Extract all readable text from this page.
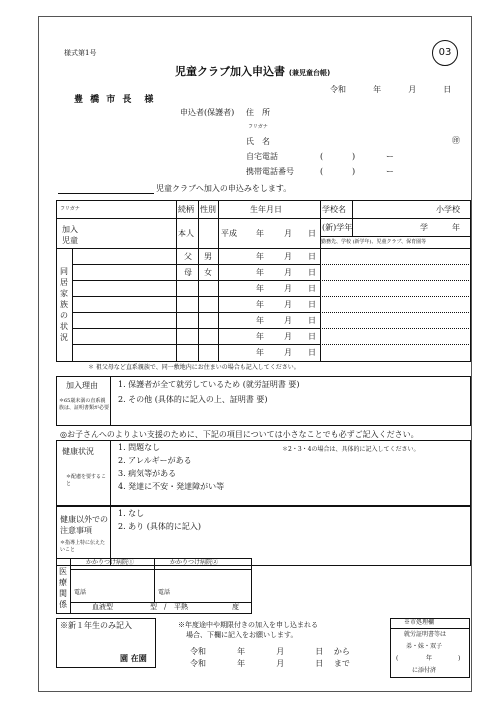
様式第1号	03
児童クラブ加入申込書 (兼児童台帳)
令和	年	月	日
豊 橋 市 長　様
申込者(保護者) 住　所
フリガナ
氏　名	㊞
自宅電話	(	)	ー
携帯電話番号	(	)	ー
児童クラブへ加入の申込みをします。
フリガナ	続柄 性別	生年月日	学校名	小学校
加入
児童
本人	平成 年	月 日
(新)学年	学	年
勤務先、学校 (新学年)、児童クラブ、保育園等
同居家族の状況
父 男	年	月 日
母 女	年	月 日
年	月 日
年	月 日
年	月 日
年	月 日
年	月 日
＊ 祖父母など直系親族で、同一敷地内にお住まいの場合も記入してください。
加入理由
＊65歳未満の直系親族は、証明書類が必要
1. 保護者が全て就労しているため (就労証明書 要)
2. その他 (具体的に記入の上、証明書 要)
◎お子さんへのよりよい支援のために、下記の項目については小さなことでも必ずご記入ください。
健康状況
＊配慮を要すること
1. 問題なし
2. アレルギーがある
3. 病気等がある
4. 発達に不安・発達障がい等
＊2・3・4の場合は、具体的に記入してください。
健康以外での注意事項
＊指導上特に伝えたいこと
1. なし
2. あり (具体的に記入)
医療関係
かかりつけ病院①	かかりつけ病院②
電話	電話
血液型	型 / 平熱	度
※新１年生のみ記入
園 在園
※年度途中や期限付きの加入を申し込まれる
場合、下欄に記入をお願いします。
令和	年	月	日 から
令和	年	月	日 まで
※市処理欄
就労証明書等は
弟・妹・双子
(	年	)
に添付済
